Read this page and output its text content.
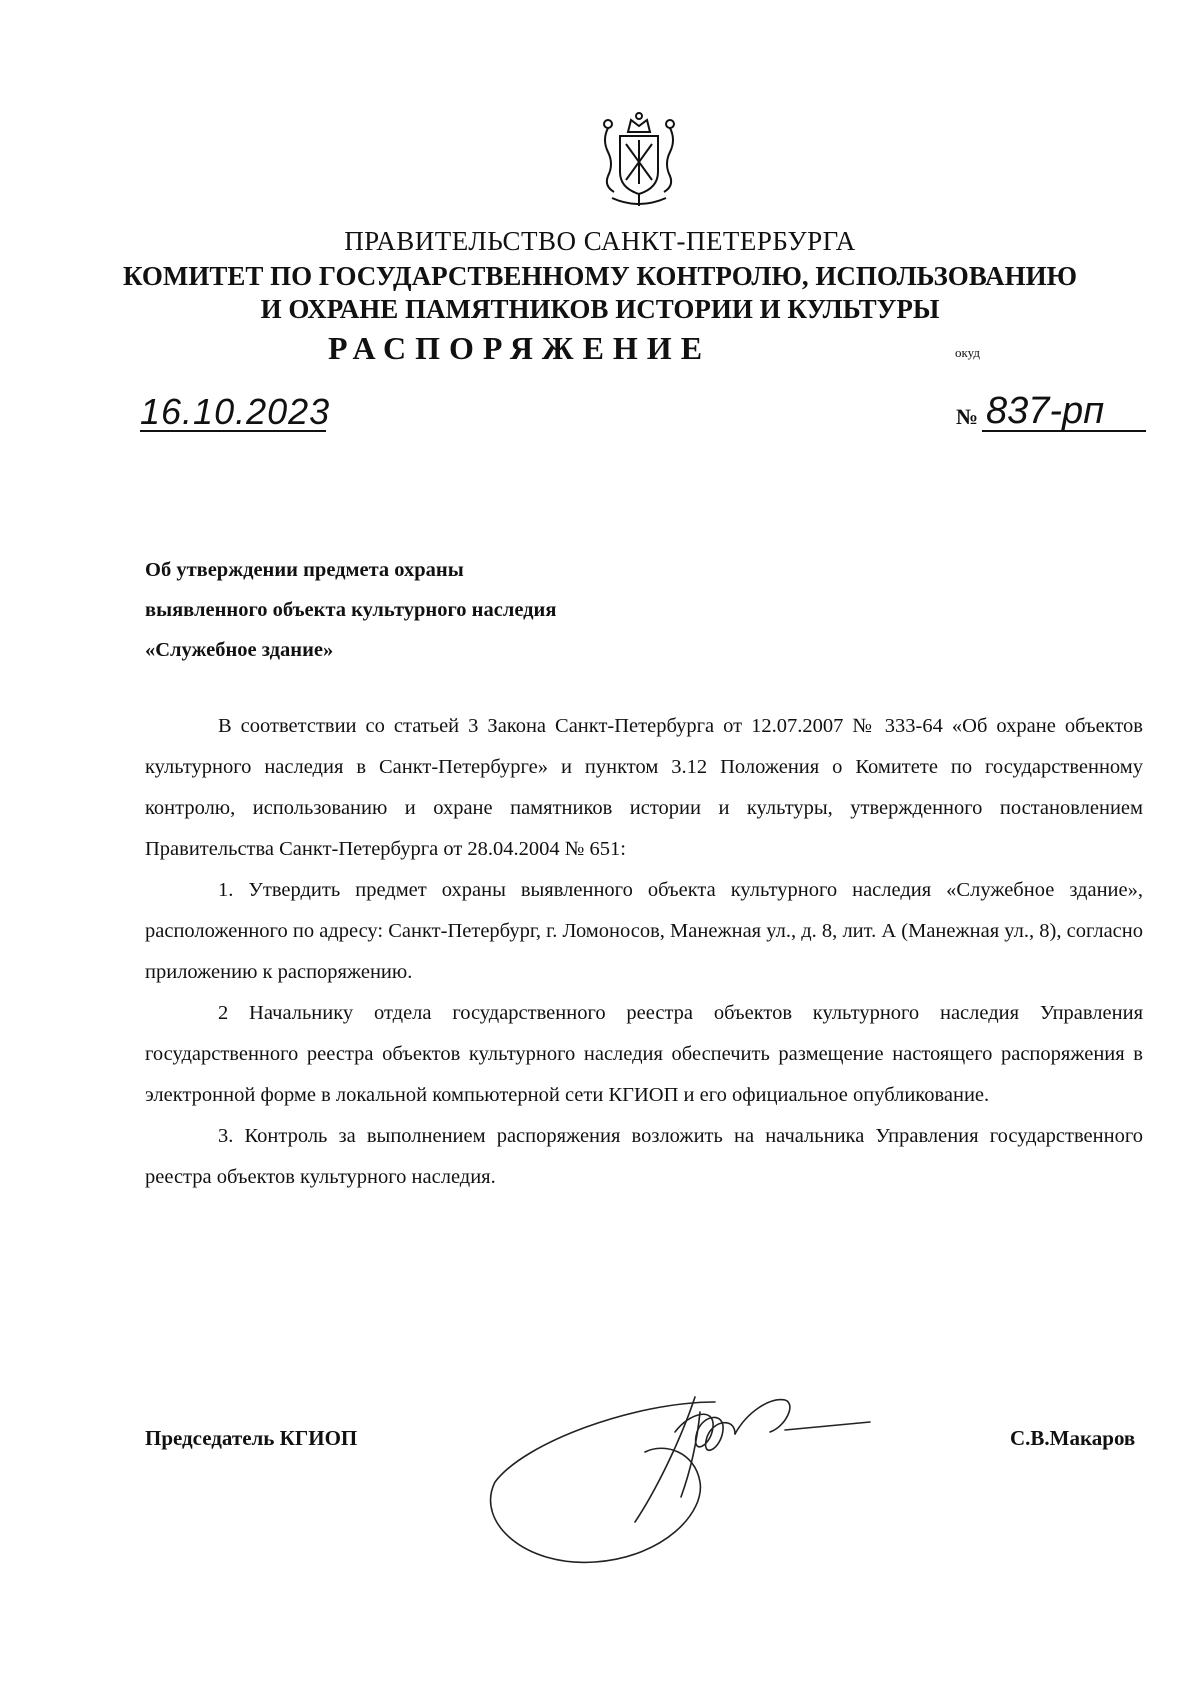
ПРАВИТЕЛЬСТВО САНКТ-ПЕТЕРБУРГА
КОМИТЕТ ПО ГОСУДАРСТВЕННОМУ КОНТРОЛЮ, ИСПОЛЬЗОВАНИЮ
И ОХРАНЕ ПАМЯТНИКОВ ИСТОРИИ И КУЛЬТУРЫ
РАСПОРЯЖЕНИЕ	окуд
16.10.2023	№ 837-рп
Об утверждении предмета охраны
выявленного объекта культурного наследия
«Служебное здание»

В соответствии со статьей 3 Закона Санкт-Петербурга от 12.07.2007 № 333-64 «Об охране объектов культурного наследия в Санкт-Петербурге» и пунктом 3.12 Положения о Комитете по государственному контролю, использованию и охране памятников истории и культуры, утвержденного постановлением Правительства Санкт-Петербурга от 28.04.2004 № 651:

1. Утвердить предмет охраны выявленного объекта культурного наследия «Служебное здание», расположенного по адресу: Санкт-Петербург, г. Ломоносов, Манежная ул., д. 8, лит. А (Манежная ул., 8), согласно приложению к распоряжению.

2 Начальнику отдела государственного реестра объектов культурного наследия Управления государственного реестра объектов культурного наследия обеспечить размещение настоящего распоряжения в электронной форме в локальной компьютерной сети КГИОП и его официальное опубликование.

3. Контроль за выполнением распоряжения возложить на начальника Управления государственного реестра объектов культурного наследия.

Председатель КГИОП	С.В.Макаров
